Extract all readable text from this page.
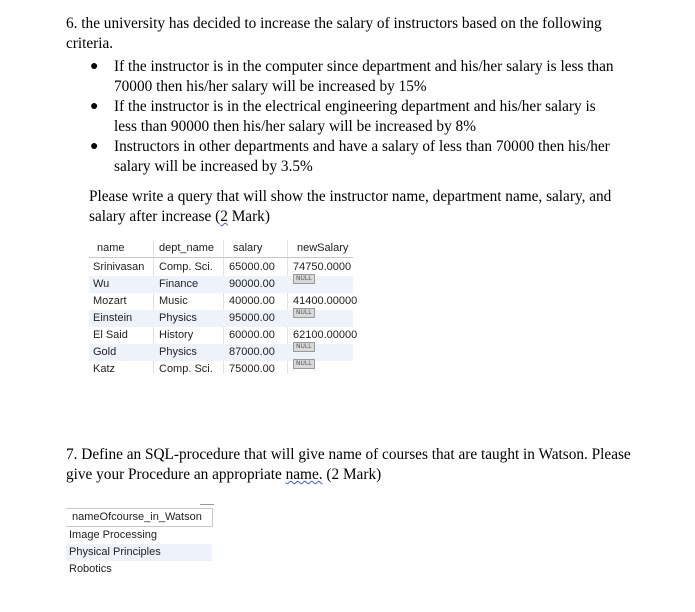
6. the university has decided to increase the salary of instructors based on the following criteria.
● If the instructor is in the computer since department and his/her salary is less than 70000 then his/her salary will be increased by 15%
● If the instructor is in the electrical engineering department and his/her salary is less than 90000 then his/her salary will be increased by 8%
● Instructors in other departments and have a salary of less than 70000 then his/her salary will be increased by 3.5%
Please write a query that will show the instructor name, department name, salary, and salary after increase (2 Mark)
name	dept_name salary	newSalary
Srinivasan Comp. Sci. 65000.00 74750.0000
Wu	Finance	90000.00	NULL
Mozart	Music	40000.00 41400.00000
Einstein Physics	95000.00	NULL
El Said	History	60000.00 62100.00000
Gold	Physics	87000.00	NULL
Katz	Comp. Sci. 75000.00	NULL
7. Define an SQL-procedure that will give name of courses that are taught in Watson. Please give your Procedure an appropriate name. (2 Mark)
nameOfcourse_in_Watson
Image Processing
Physical Principles
Robotics
